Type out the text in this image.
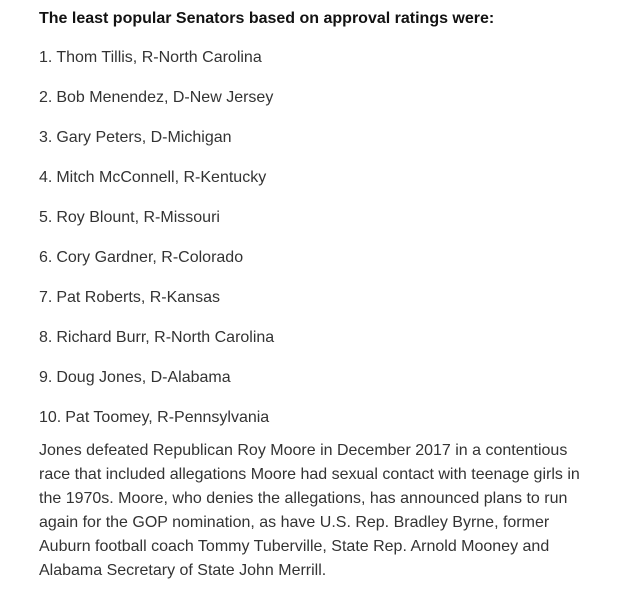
The least popular Senators based on approval ratings were:
1. Thom Tillis, R-North Carolina
2. Bob Menendez, D-New Jersey
3. Gary Peters, D-Michigan
4. Mitch McConnell, R-Kentucky
5. Roy Blount, R-Missouri
6. Cory Gardner, R-Colorado
7. Pat Roberts, R-Kansas
8. Richard Burr, R-North Carolina
9. Doug Jones, D-Alabama
10. Pat Toomey, R-Pennsylvania

Jones defeated Republican Roy Moore in December 2017 in a contentious race that included allegations Moore had sexual contact with teenage girls in the 1970s. Moore, who denies the allegations, has announced plans to run again for the GOP nomination, as have U.S. Rep. Bradley Byrne, former Auburn football coach Tommy Tuberville, State Rep. Arnold Mooney and Alabama Secretary of State John Merrill.
